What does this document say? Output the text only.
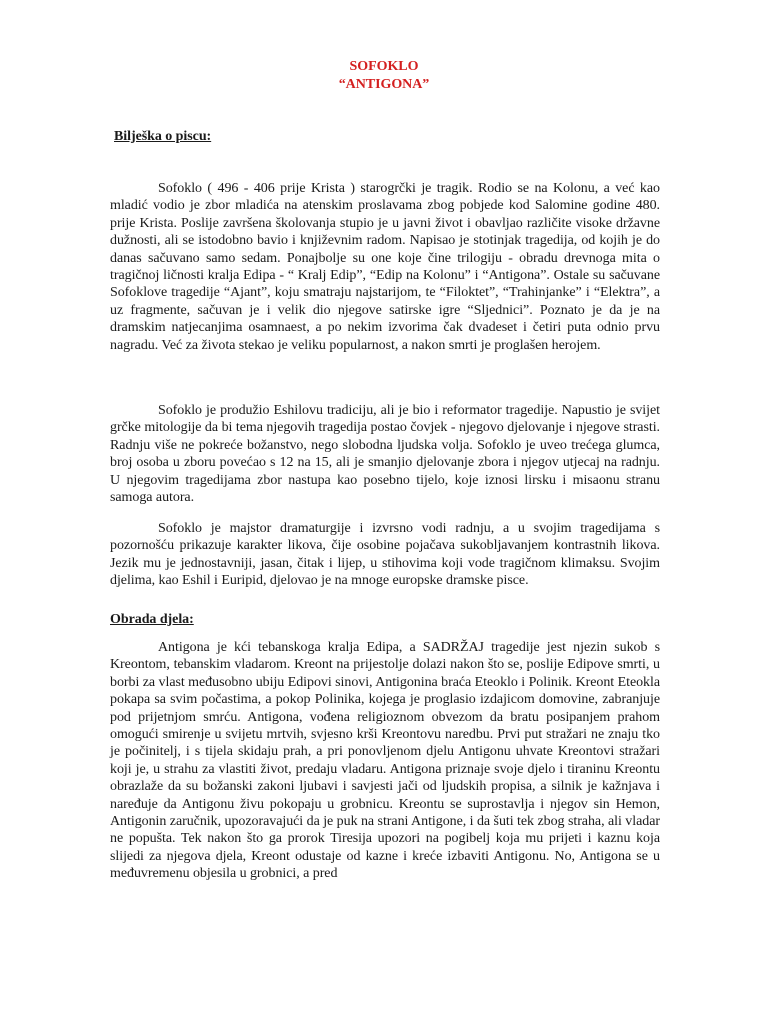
SOFOKLO
“ANTIGONA”
Bilješka o piscu:

Sofoklo ( 496 - 406 prije Krista ) starogrčki je tragik. Rodio se na Kolonu, a već kao mladić vodio je zbor mladića na atenskim proslavama zbog pobjede kod Salomine godine 480. prije Krista. Poslije završena školovanja stupio je u javni život i obavljao različite visoke državne dužnosti, ali se istodobno bavio i književnim radom. Napisao je stotinjak tragedija, od kojih je do danas sačuvano samo sedam. Ponajbolje su one koje čine trilogiju - obradu drevnoga mita o tragičnoj ličnosti kralja Edipa - “ Kralj Edip”, “Edip na Kolonu” i “Antigona”. Ostale su sačuvane Sofoklove tragedije “Ajant”, koju smatraju najstarijom, te “Filoktet”, “Trahinjanke” i “Elektra”, a uz fragmente, sačuvan je i velik dio njegove satirske igre “Sljednici”. Poznato je da je na dramskim natjecanjima osamnaest, a po nekim izvorima čak dvadeset i četiri puta odnio prvu nagradu. Već za života stekao je veliku popularnost, a nakon smrti je proglašen herojem.

Sofoklo je produžio Eshilovu tradiciju, ali je bio i reformator tragedije. Napustio je svijet grčke mitologije da bi tema njegovih tragedija postao čovjek - njegovo djelovanje i njegove strasti. Radnju više ne pokreće božanstvo, nego slobodna ljudska volja. Sofoklo je uveo trećega glumca, broj osoba u zboru povećao s 12 na 15, ali je smanjio djelovanje zbora i njegov utjecaj na radnju. U njegovim tragedijama zbor nastupa kao posebno tijelo, koje iznosi lirsku i misaonu stranu samoga autora.

Sofoklo je majstor dramaturgije i izvrsno vodi radnju, a u svojim tragedijama s pozornošću prikazuje karakter likova, čije osobine pojačava sukobljavanjem kontrastnih likova. Jezik mu je jednostavniji, jasan, čitak i lijep, u stihovima koji vode tragičnom klimaksu. Svojim djelima, kao Eshil i Euripid, djelovao je na mnoge europske dramske pisce.

Obrada djela:

Antigona je kći tebanskoga kralja Edipa, a SADRŽAJ tragedije jest njezin sukob s Kreontom, tebanskim vladarom. Kreont na prijestolje dolazi nakon što se, poslije Edipove smrti, u borbi za vlast međusobno ubiju Edipovi sinovi, Antigonina braća Eteoklo i Polinik. Kreont Eteokla pokapa sa svim počastima, a pokop Polinika, kojega je proglasio izdajicom domovine, zabranjuje pod prijetnjom smrću. Antigona, vođena religioznom obvezom da bratu posipanjem prahom omogući smirenje u svijetu mrtvih, svjesno krši Kreontovu naredbu. Prvi put stražari ne znaju tko je počinitelj, i s tijela skidaju prah, a pri ponovljenom djelu Antigonu uhvate Kreontovi stražari koji je, u strahu za vlastiti život, predaju vladaru. Antigona priznaje svoje djelo i tiraninu Kreontu obrazlaže da su božanski zakoni ljubavi i savjesti jači od ljudskih propisa, a silnik je kažnjava i naređuje da Antigonu živu pokopaju u grobnicu. Kreontu se suprostavlja i njegov sin Hemon, Antigonin zaručnik, upozoravajući da je puk na strani Antigone, i da šuti tek zbog straha, ali vladar ne popušta. Tek nakon što ga prorok Tiresija upozori na pogibelj koja mu prijeti i kaznu koja slijedi za njegova djela, Kreont odustaje od kazne i kreće izbaviti Antigonu. No, Antigona se u međuvremenu objesila u grobnici, a pred
